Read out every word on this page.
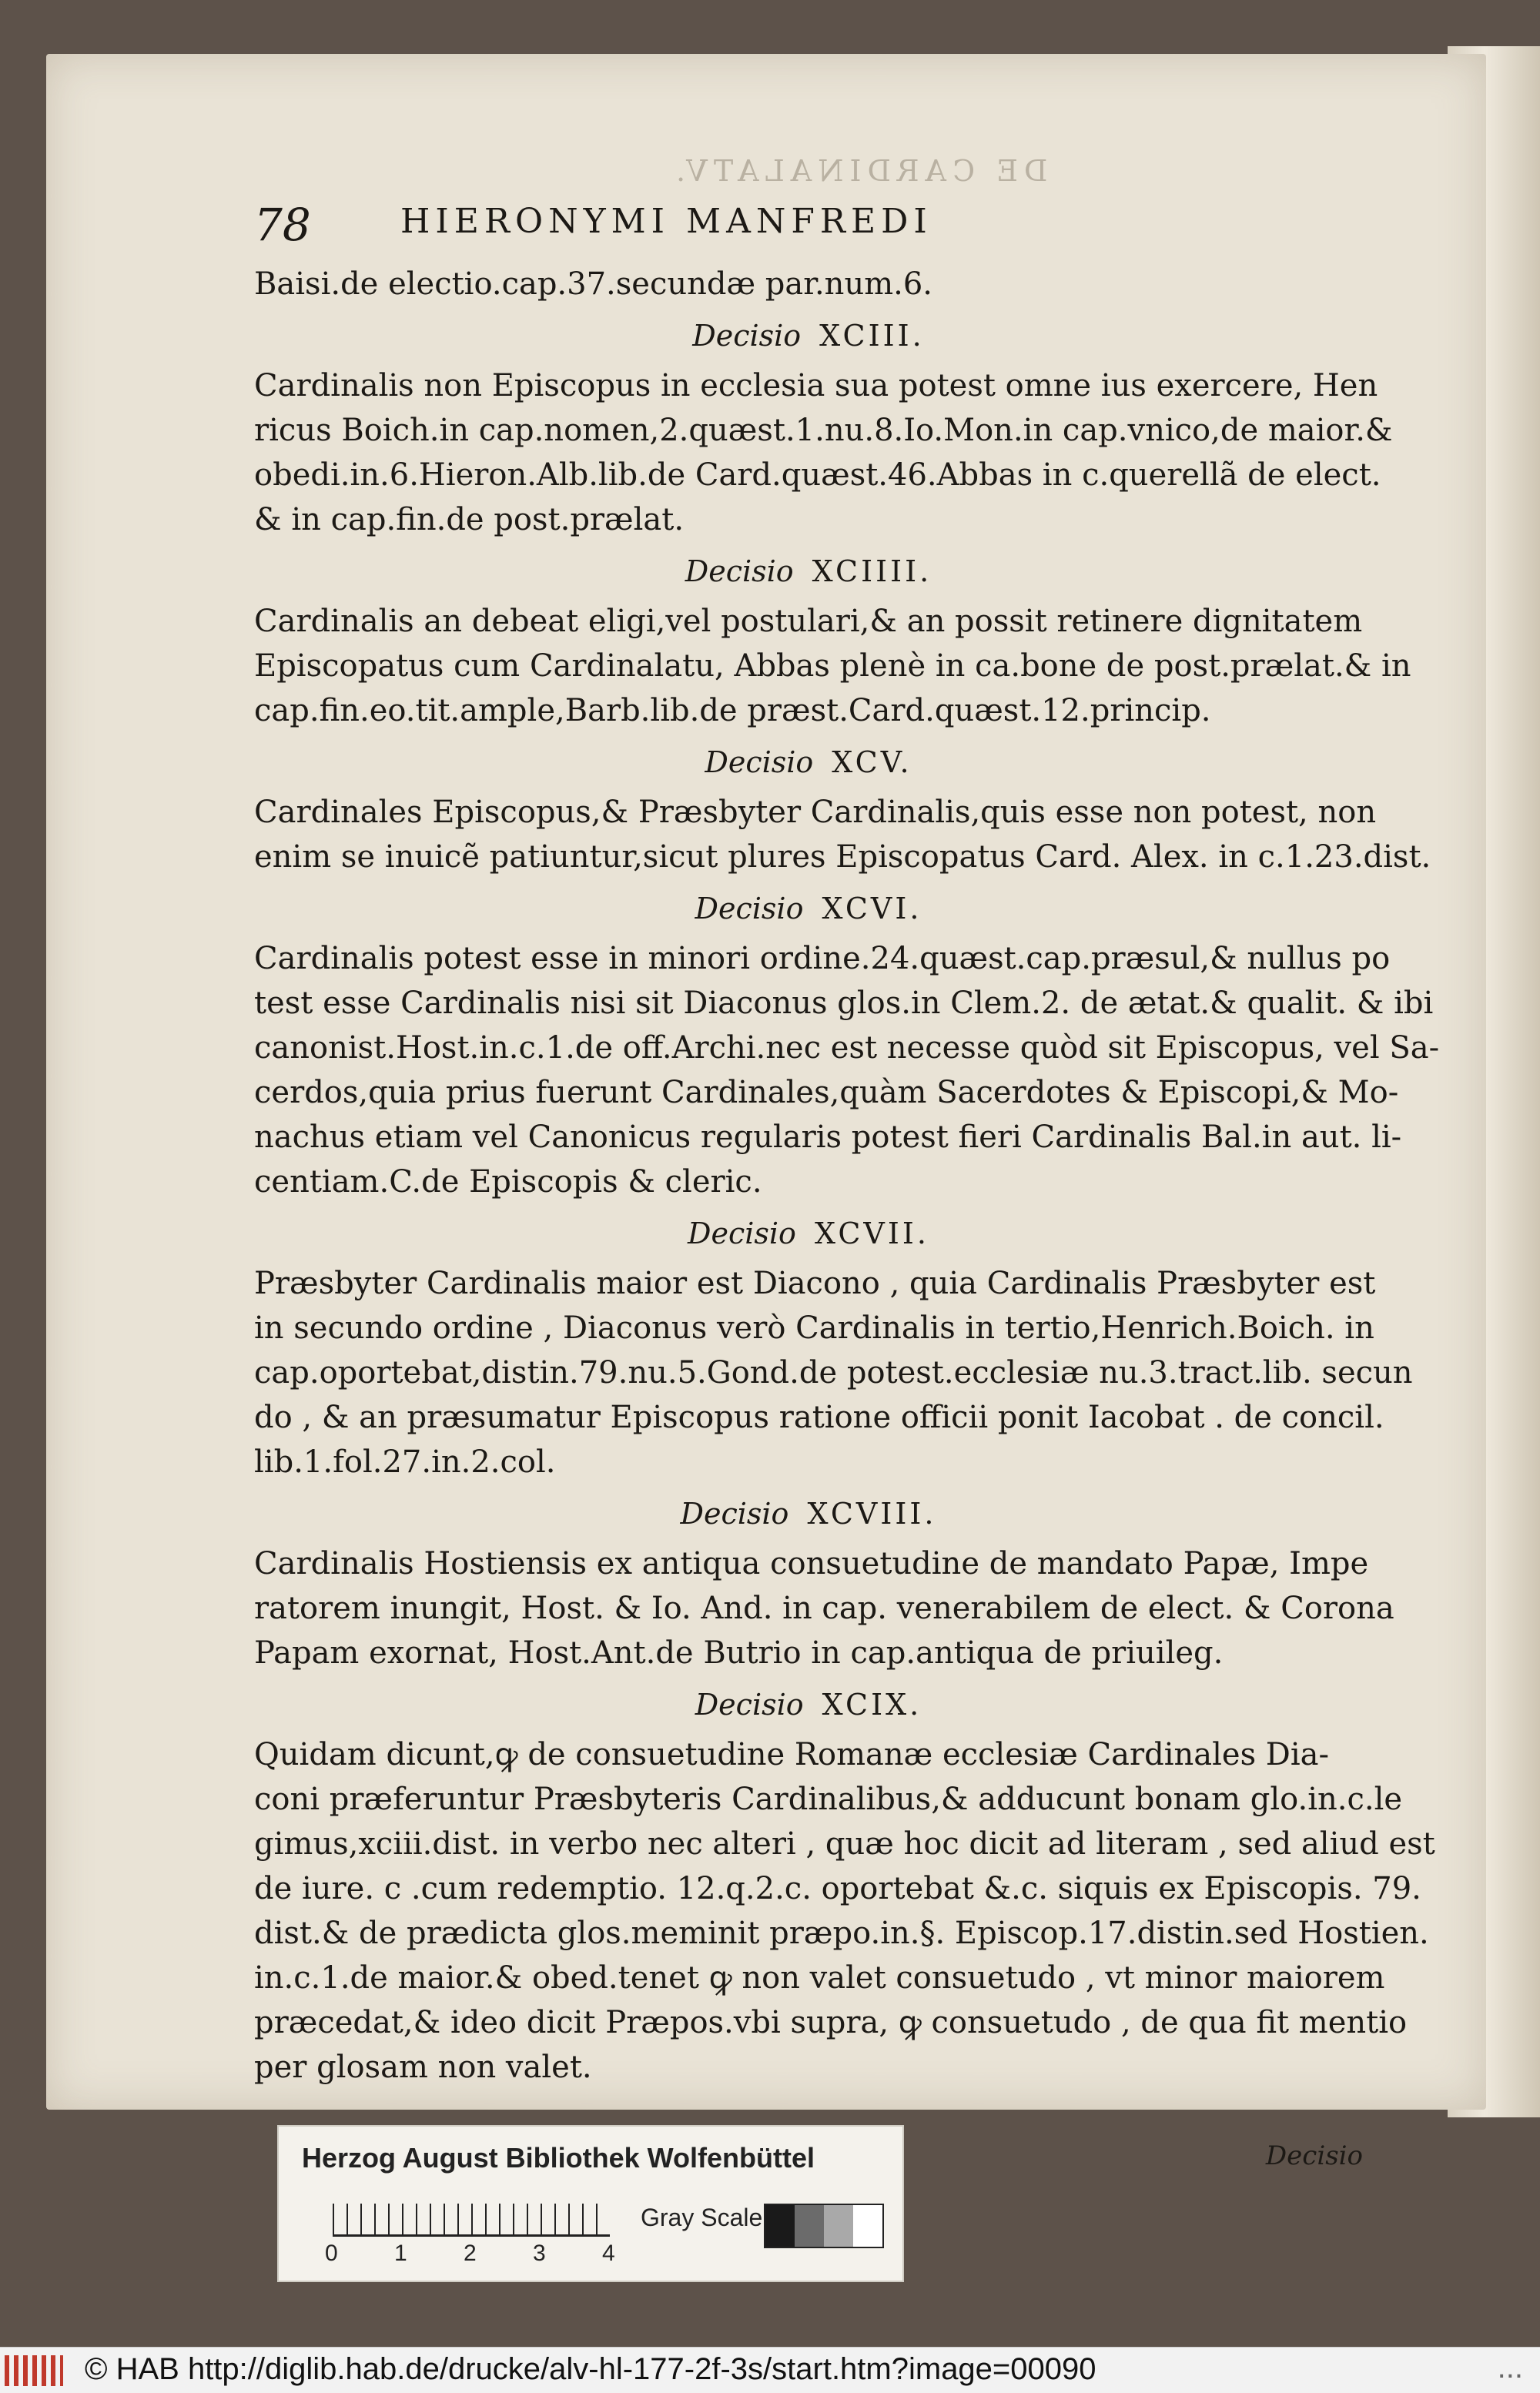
DE CARDINALATV.
78	HIERONYMI MANFREDI

Baisi.de electio.cap.37.secundæ par.num.6.

Decisio XCIII.

Cardinalis non Episcopus in ecclesia sua potest omne ius exercere, Hen

ricus Boich.in cap.nomen,2.quæst.1.nu.8.Io.Mon.in cap.vnico,de maior.&

obedi.in.6.Hieron.Alb.lib.de Card.quæst.46.Abbas in c.querellã de elect.

& in cap.fin.de post.prælat.

Decisio XCIIII.

Cardinalis an debeat eligi,vel postulari,& an possit retinere dignitatem

Episcopatus cum Cardinalatu, Abbas plenè in ca.bone de post.prælat.& in

cap.fin.eo.tit.ample,Barb.lib.de præst.Card.quæst.12.princip.

Decisio XCV.

Cardinales Episcopus,& Præsbyter Cardinalis,quis esse non potest, non

enim se inuicẽ patiuntur,sicut plures Episcopatus Card. Alex. in c.1.23.dist.

Decisio XCVI.

Cardinalis potest esse in minori ordine.24.quæst.cap.præsul,& nullus po

test esse Cardinalis nisi sit Diaconus glos.in Clem.2. de ætat.& qualit. & ibi

canonist.Host.in.c.1.de off.Archi.nec est necesse quòd sit Episcopus, vel Sa-

cerdos,quia prius fuerunt Cardinales,quàm Sacerdotes & Episcopi,& Mo-

nachus etiam vel Canonicus regularis potest fieri Cardinalis Bal.in aut. li-

centiam.C.de Episcopis & cleric.

Decisio XCVII.

Præsbyter Cardinalis maior est Diacono , quia Cardinalis Præsbyter est

in secundo ordine , Diaconus verò Cardinalis in tertio,Henrich.Boich. in

cap.oportebat,distin.79.nu.5.Gond.de potest.ecclesiæ nu.3.tract.lib. secun

do , & an præsumatur Episcopus ratione officii ponit Iacobat . de concil.

lib.1.fol.27.in.2.col.

Decisio XCVIII.

Cardinalis Hostiensis ex antiqua consuetudine de mandato Papæ, Impe

ratorem inungit, Host. & Io. And. in cap. venerabilem de elect. & Corona

Papam exornat, Host.Ant.de Butrio in cap.antiqua de priuileg.

Decisio XCIX.

Quidam dicunt,ꝙ de consuetudine Romanæ ecclesiæ Cardinales Dia-

coni præferuntur Præsbyteris Cardinalibus,& adducunt bonam glo.in.c.le

gimus,xciii.dist. in verbo nec alteri , quæ hoc dicit ad literam , sed aliud est

de iure. c .cum redemptio. 12.q.2.c. oportebat &.c. siquis ex Episcopis. 79.

dist.& de prædicta glos.meminit præpo.in.§. Episcop.17.distin.sed Hostien.

in.c.1.de maior.& obed.tenet ꝙ non valet consuetudo , vt minor maiorem

præcedat,& ideo dicit Præpos.vbi supra, ꝙ consuetudo , de qua fit mentio

per glosam non valet.

Decisio
Herzog August Bibliothek Wolfenbüttel
0 1 2 3 4
Gray Scale
© HAB http://diglib.hab.de/drucke/alv-hl-177-2f-3s/start.htm?image=00090	...
